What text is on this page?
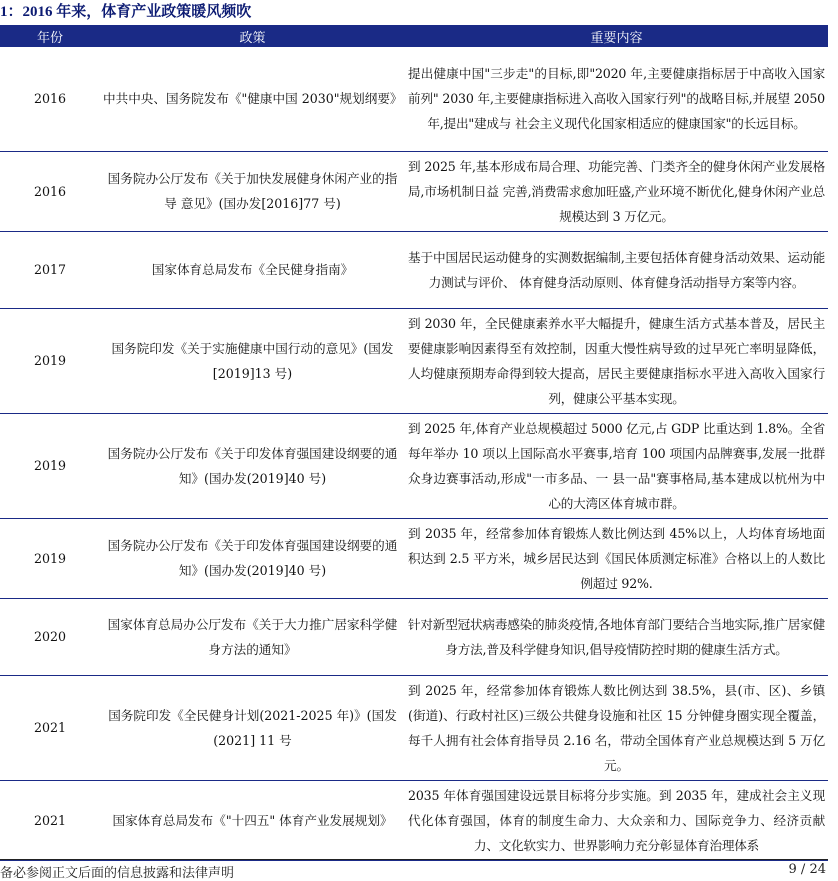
1：2016 年来，体育产业政策暖风频吹
年份	政策	重要内容
2016	中共中央、国务院发布《"健康中国 2030"规划纲要》	提出健康中国"三步走"的目标,即"2020 年,主要健康指标居于中高收入国家前列" 2030 年,主要健康指标进入高收入国家行列"的战略目标,并展望 2050 年,提出"建成与 社会主义现代化国家相适应的健康国家"的长远目标。
2016	国务院办公厅发布《关于加快发展健身休闲产业的指导 意见》(国办发[2016]77 号)	到 2025 年,基本形成布局合理、功能完善、门类齐全的健身休闲产业发展格局,市场机制日益 完善,消费需求愈加旺盛,产业环境不断优化,健身休闲产业总规模达到 3 万亿元。
2017	国家体育总局发布《全民健身指南》	基于中国居民运动健身的实测数据编制,主要包括体育健身活动效果、运动能力测试与评价、 体育健身活动原则、体育健身活动指导方案等内容。
2019	国务院印发《关于实施健康中国行动的意见》(国发 [2019]13 号)	到 2030 年，全民健康素养水平大幅提升，健康生活方式基本普及，居民主要健康影响因素得至有效控制，因重大慢性病导致的过早死亡率明显降低，人均健康预期寿命得到较大提高，居民主要健康指标水平进入高收入国家行列，健康公平基本实现。
2019	国务院办公厅发布《关于印发体育强国建设纲要的通知》(国办发(2019]40 号)	到 2025 年,体育产业总规模超过 5000 亿元,占 GDP 比重达到 1.8%。全省每年举办 10 项以上国际高水平赛事,培育 100 项国内品牌赛事,发展一批群众身边赛事活动,形成"一市多品、一 县一品"赛事格局,基本建成以杭州为中心的大湾区体育城市群。
2019	国务院办公厅发布《关于印发体育强国建设纲要的通知》(国办发(2019]40 号)	到 2035 年，经常参加体育锻炼人数比例达到 45%以上，人均体育场地面积达到 2.5 平方米，城乡居民达到《国民体质测定标准》合格以上的人数比例超过 92%.
2020	国家体育总局办公厅发布《关于大力推广居家科学健身方法的通知》	针对新型冠状病毒感染的肺炎疫情,各地体育部门要结合当地实际,推广居家健身方法,普及科学健身知识,倡导疫情防控时期的健康生活方式。
2021	国务院印发《全民健身计划(2021-2025 年)》(国发(2021] 11 号	到 2025 年，经常参加体育锻炼人数比例达到 38.5%，县(市、区)、乡镇(街道)、行政村社区)三级公共健身设施和社区 15 分钟健身圈实现全覆盖，每千人拥有社会体育指导员 2.16 名，带动全国体育产业总规模达到 5 万亿元。
2021	国家体育总局发布《"十四五" 体育产业发展规划》	2035 年体育强国建设远景目标将分步实施。到 2035 年，建成社会主义现代化体育强国，体育的制度生命力、大众亲和力、国际竞争力、经济贡献力、文化软实力、世界影响力充分彰显体育治理体系
备必参阅正文后面的信息披露和法律声明	9 / 24
